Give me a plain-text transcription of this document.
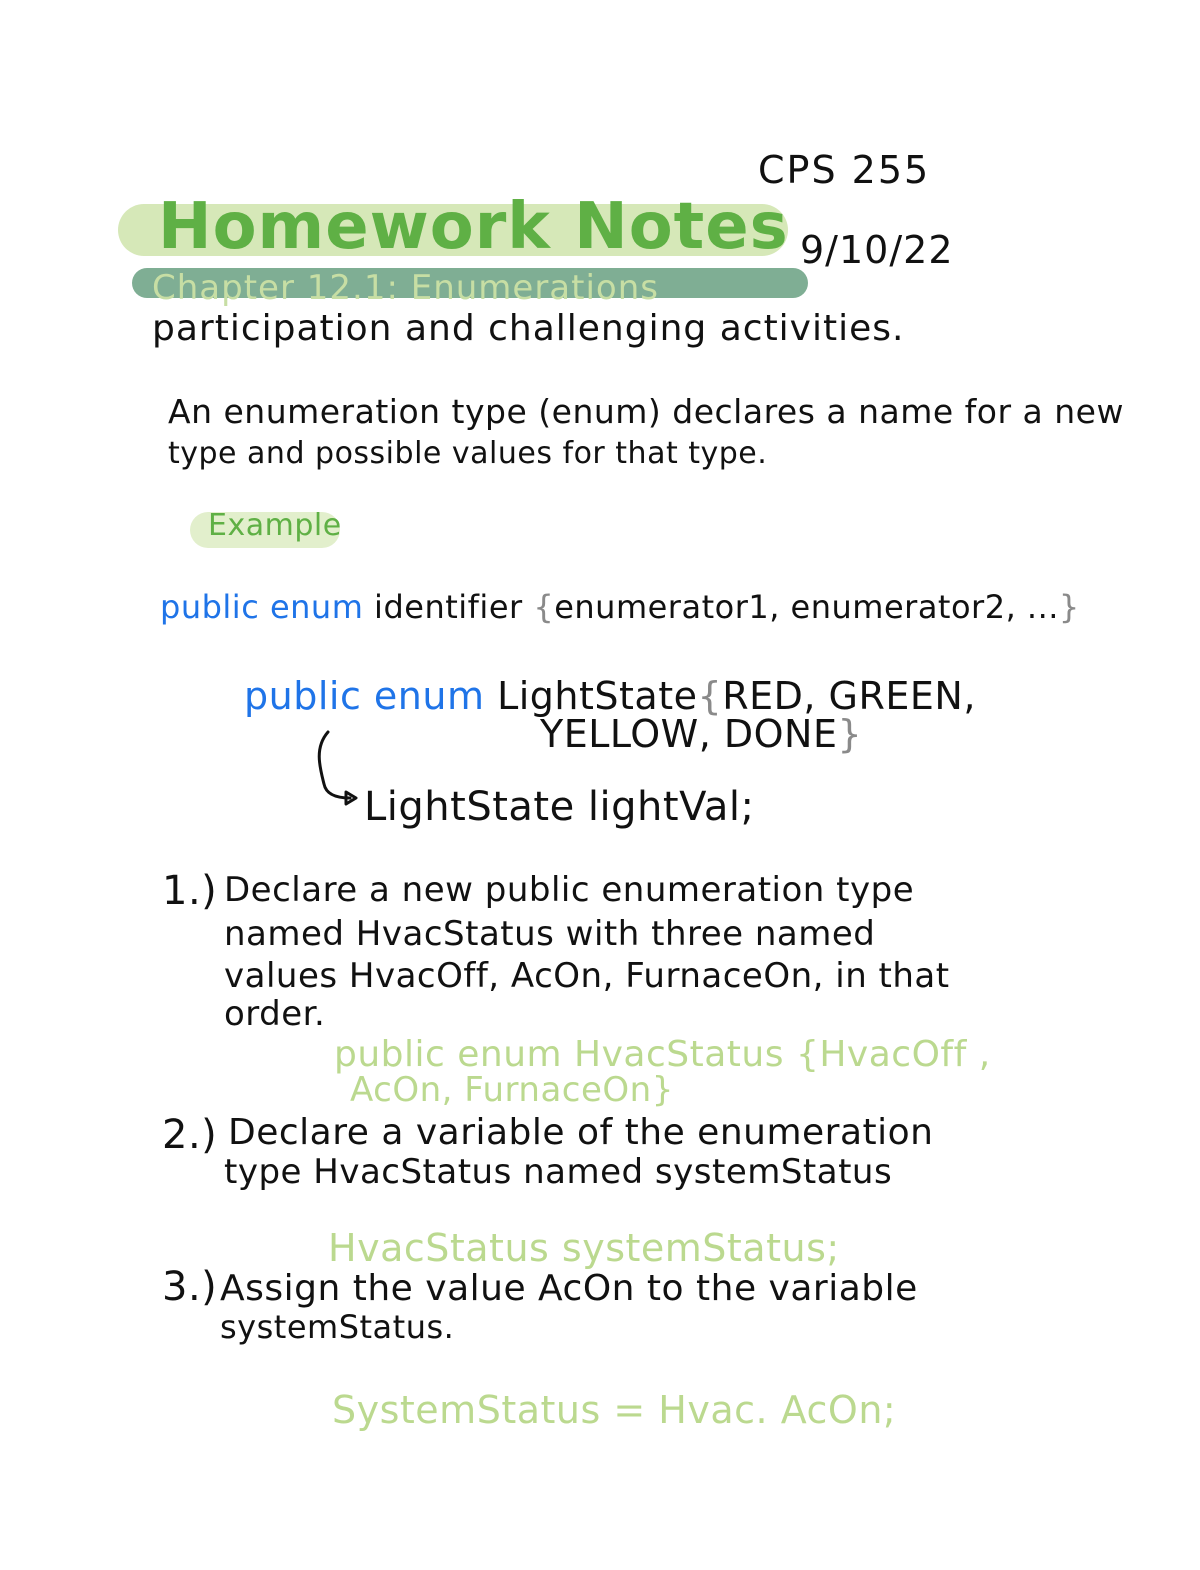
CPS 255
9/10/22
Homework Notes
Chapter 12.1: Enumerations
participation and challenging activities.
An enumeration type (enum) declares a name for a new
type and possible values for that type.
Example
public enum identifier {enumerator1, enumerator2, ...}
public enum LightState{RED, GREEN,
YELLOW, DONE}
LightState lightVal;
1.) Declare a new public enumeration type
named HvacStatus with three named
values HvacOff, AcOn, FurnaceOn, in that
order.
public enum HvacStatus {HvacOff ,
AcOn, FurnaceOn}
2.) Declare a variable of the enumeration
type HvacStatus named systemStatus
HvacStatus systemStatus;
3.) Assign the value AcOn to the variable
systemStatus.
SystemStatus = Hvac. AcOn;
